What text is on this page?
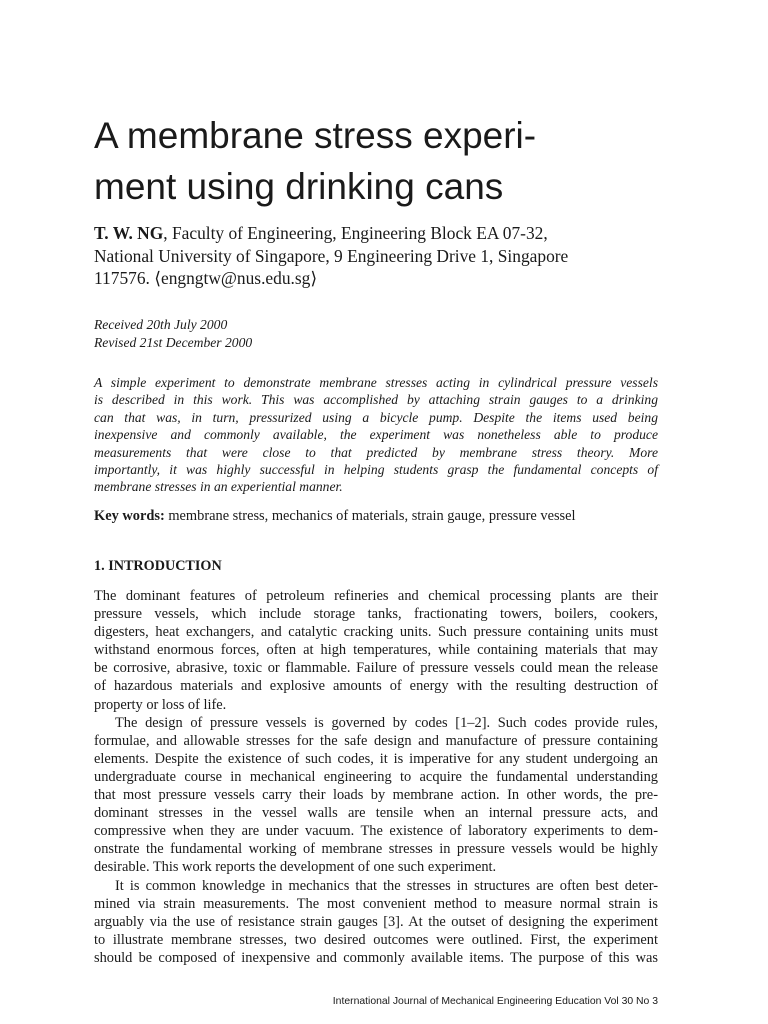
A membrane stress experi-
ment using drinking cans
T. W. NG, Faculty of Engineering, Engineering Block EA 07-32,
National University of Singapore, 9 Engineering Drive 1, Singapore
117576. ⟨engngtw@nus.edu.sg⟩
Received 20th July 2000
Revised 21st December 2000
A simple experiment to demonstrate membrane stresses acting in cylindrical pressure vessels
is described in this work. This was accomplished by attaching strain gauges to a drinking
can that was, in turn, pressurized using a bicycle pump. Despite the items used being
inexpensive and commonly available, the experiment was nonetheless able to produce
measurements that were close to that predicted by membrane stress theory. More
importantly, it was highly successful in helping students grasp the fundamental concepts of
membrane stresses in an experiential manner.
Key words: membrane stress, mechanics of materials, strain gauge, pressure vessel
1. INTRODUCTION
The dominant features of petroleum refineries and chemical processing plants are their
pressure vessels, which include storage tanks, fractionating towers, boilers, cookers,
digesters, heat exchangers, and catalytic cracking units. Such pressure containing units must
withstand enormous forces, often at high temperatures, while containing materials that may
be corrosive, abrasive, toxic or flammable. Failure of pressure vessels could mean the release
of hazardous materials and explosive amounts of energy with the resulting destruction of
property or loss of life.
The design of pressure vessels is governed by codes [1–2]. Such codes provide rules,
formulae, and allowable stresses for the safe design and manufacture of pressure containing
elements. Despite the existence of such codes, it is imperative for any student undergoing an
undergraduate course in mechanical engineering to acquire the fundamental understanding
that most pressure vessels carry their loads by membrane action. In other words, the pre-
dominant stresses in the vessel walls are tensile when an internal pressure acts, and
compressive when they are under vacuum. The existence of laboratory experiments to dem-
onstrate the fundamental working of membrane stresses in pressure vessels would be highly
desirable. This work reports the development of one such experiment.
It is common knowledge in mechanics that the stresses in structures are often best deter-
mined via strain measurements. The most convenient method to measure normal strain is
arguably via the use of resistance strain gauges [3]. At the outset of designing the experiment
to illustrate membrane stresses, two desired outcomes were outlined. First, the experiment
should be composed of inexpensive and commonly available items. The purpose of this was
International Journal of Mechanical Engineering Education Vol 30 No 3
